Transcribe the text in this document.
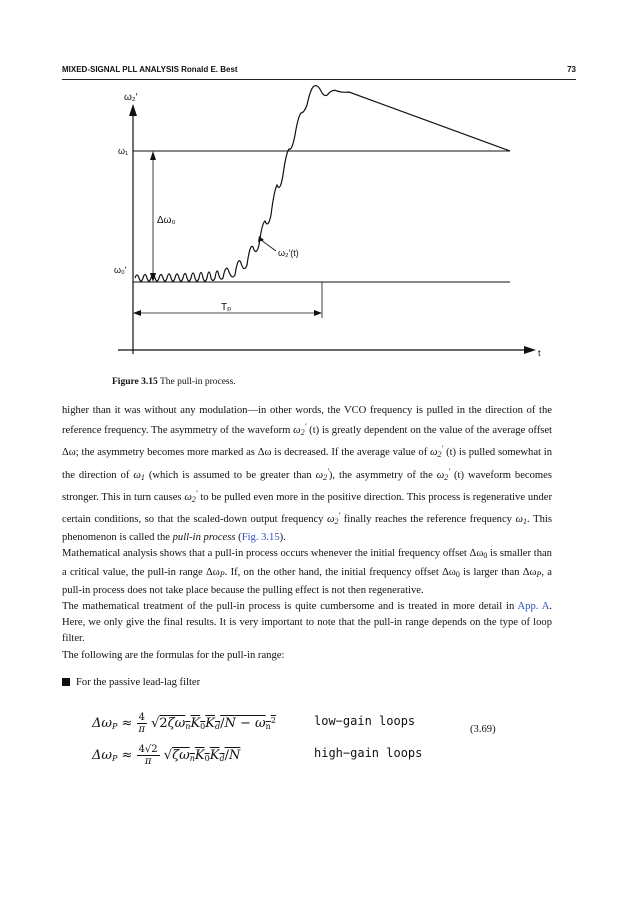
MIXED-SIGNAL PLL ANALYSIS Ronald E. Best	73
ω₂′
ω₁
ω₀′
Δω₀
ω₂′(t)
Tₚ
t
Figure 3.15 The pull-in process.

higher than it was without any modulation—in other words, the VCO frequency is pulled in the direction of the reference frequency. The asymmetry of the waveform $\omega_2'$ (t) is greatly dependent on the value of the average offset Δω; the asymmetry becomes more marked as Δω is decreased. If the average value of $\omega_2'$ (t) is pulled somewhat in the direction of $\omega_1$ (which is assumed to be greater than $\omega_2'$), the asymmetry of the $\omega_2'$ (t) waveform becomes stronger. This in turn causes $\omega_2'$ to be pulled even more in the positive direction. This process is regenerative under certain conditions, so that the scaled-down output frequency $\omega_2'$ finally reaches the reference frequency $\omega_1$. This phenomenon is called the pull-in process (Fig. 3.15).

Mathematical analysis shows that a pull-in process occurs whenever the initial frequency offset $\Delta\omega_0$ is smaller than a critical value, the pull-in range $\Delta\omega_P$. If, on the other hand, the initial frequency offset $\Delta\omega_0$ is larger than $\Delta\omega_P$, a pull-in process does not take place because the pulling effect is not then regenerative.

The mathematical treatment of the pull-in process is quite cumbersome and is treated in more detail in App. A. Here, we only give the final results. It is very important to note that the pull-in range depends on the type of loop filter.

The following are the formulas for the pull-in range:

For the passive lead-lag filter
$\Delta\omega_P \approx \frac{4}{\pi} √2\zeta\omega_nK_0K_d/N - \omega_n^2$	low−gain loops
(3.69)
$\Delta\omega_P \approx \frac{4√2}{\pi} √\zeta\omega_nK_0K_d/N$	high−gain loops
